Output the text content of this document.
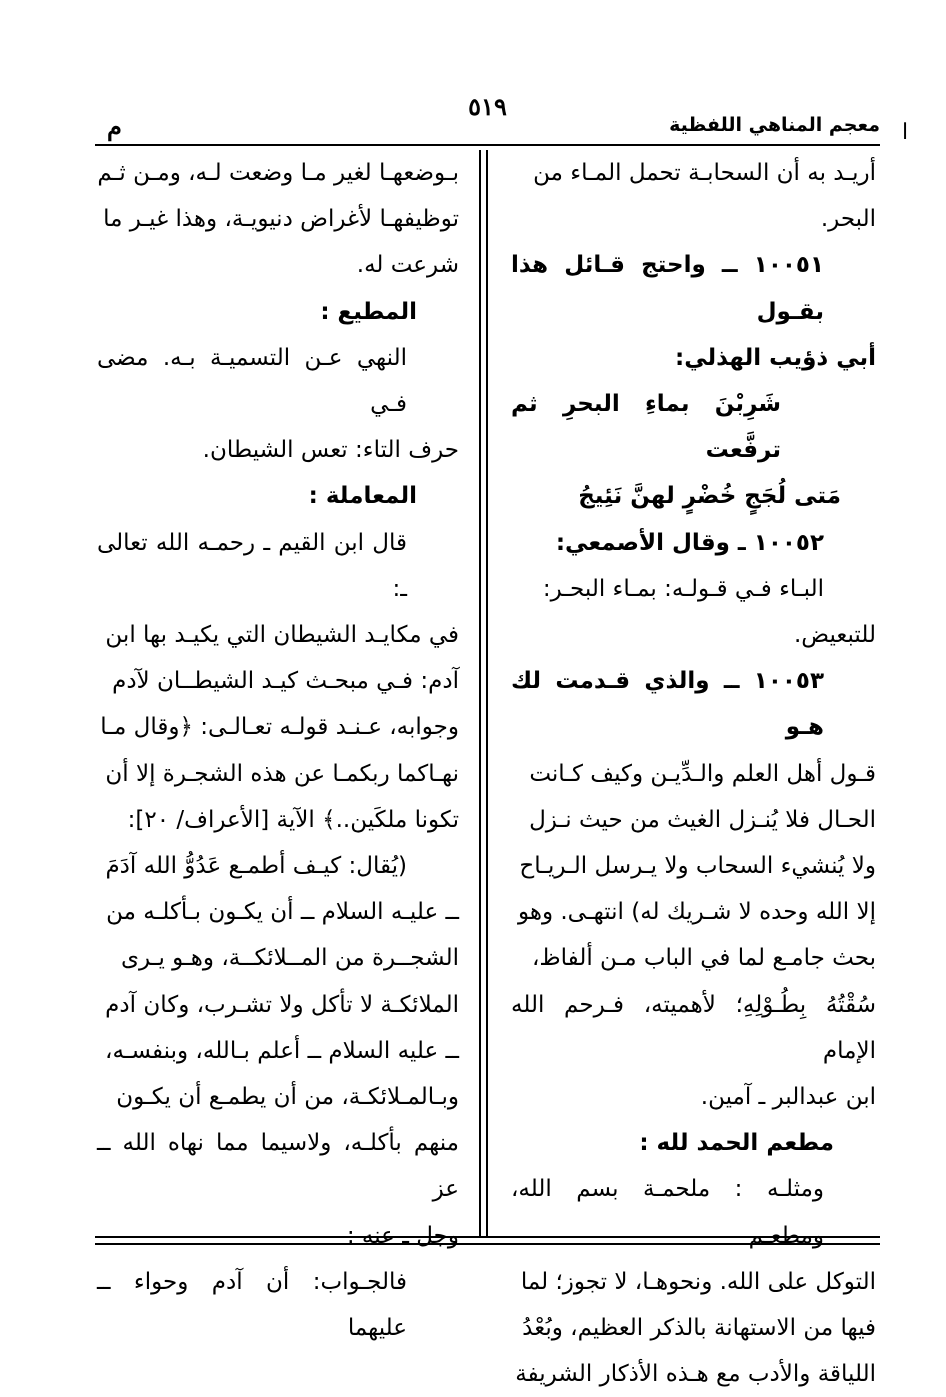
معجم المناهي اللفظية
٥١٩
م	ا

أريـد به أن السحابـة تحمل المـاء من

البحر.

١٠٠٥١ ــ واحتج قـائل هذا بقـول

أبي ذؤيب الهذلي:

شَرِبْنَ بماءِ البحرِ ثم ترفَّعت

مَتى لُجَجٍ خُضْرٍ لهنَّ نَئِيجُ

١٠٠٥٢ ـ وقال الأصمعي:

البـاء فـي قـولـه: بمـاء البحـر:

للتبعيض.

١٠٠٥٣ ــ والذي قـدمت لك هـو

قـول أهل العلم والـدِّيـن وكيف كـانت

الحـال فلا يُنـزل الغيث من حيث نـزل

ولا يُنشيء السحاب ولا يـرسل الـريـاح

إلا الله وحده لا شـريك له) انتهـى. وهو

بحث جامـع لما في الباب مـن ألفاظ،

سُقْتُهُ بِطُـوْلِهِ؛ لأهميته، فـرحم الله الإمام

ابن عبدالبر ـ آمين.

مطعم الحمد لله :

ومثلـه : ملحمـة بسم الله، ومطعـم

التوكل على الله. ونحوهـا، لا تجوز؛ لما

فيها من الاستهانة بالذكر العظيم، وبُعْدُ

اللياقة والأدب مع هـذه الأذكار الشريفة

بـوضعهـا لغير مـا وضعت لـه، ومـن ثـم

توظيفهـا لأغراض دنيويـة، وهذا غيـر ما

شرعت له.

المطيع :

النهي عـن التسميـة بـه. مضى فـي

حرف التاء: تعس الشيطان.

المعاملة :

قال ابن القيم ـ رحمـه الله تعالى ـ:

في مكايـد الشيطان التي يكيـد بها ابن

آدم: فـي مبحـث كيـد الشيطــان لآدم

وجوابه، عـنـد قولـه تعـالـى: ﴿وقال مـا

نهـاكما ربكمـا عن هذه الشجـرة إلا أن

تكونا ملكَين..﴾ الآية [الأعراف/ ٢٠]:

(يُقال: كيـف أطمـع عَدُوُّ الله آدَمَ

ــ عليـه السلام ــ أن يكـون بـأكلـه من

الشجــرة من المــلائكــة، وهـو يـرى

الملائكـة لا تأكل ولا تشـرب، وكان آدم

ــ عليه السلام ــ أعلم بـالله، وبنفسـه،

وبـالمـلائكـة، من أن يطمـع أن يكـون

منهم بأكلـه، ولاسيما مما نهاه الله ــ عز

وجل ـ عنه :

فالجـواب: أن آدم وحواء ــ عليهما
